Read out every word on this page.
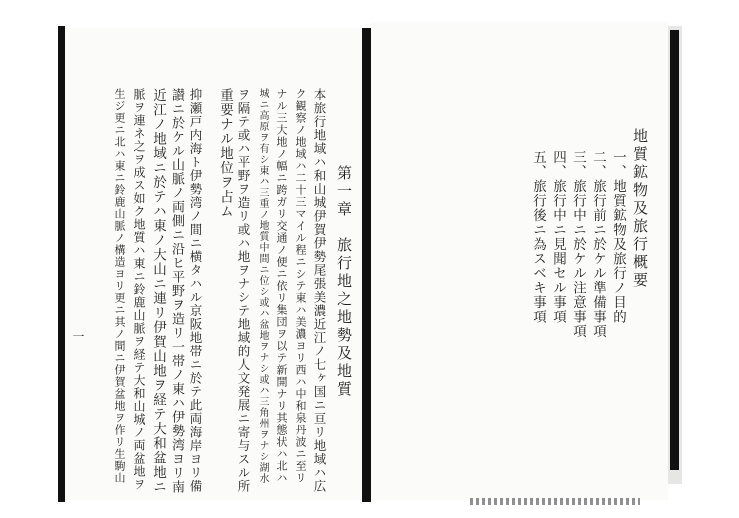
地質鉱物及旅行概要
一、地質鉱物及旅行ノ目的
二、旅行前ニ於ケル準備事項
三、旅行中ニ於ケル注意事項
四、旅行中ニ見聞セル事項
五、旅行後ニ為スベキ事項
第一章　旅行地之地勢及地質
本旅行地域ハ和山城伊賀伊勢尾張美濃近江ノ七ヶ国ニ亘リ地域ハ広
ク観察ノ地域ハ二十三マイル程ニシテ東ハ美濃ヨリ西ハ中和泉丹波ニ至リ
ナル三大地ノ幅ニ跨ガリ交通ノ便ニ依リ集団ヲ以テ新開ナリ其態状ハ北ハ
城ニ高原ヲ有シ東ハ三重ノ地質中間ニ位シ或ハ盆地ヲナシ或ハ三角州ヲナシ湖水
ヲ隔テ或ハ平野ヲ造リ或ハ地ヲナシテ地域的人文発展ニ寄与スル所
重要ナル地位ヲ占ム
抑瀬戸内海ト伊勢湾ノ間ニ横タハル京阪地帯ニ於テ此両海岸ヨリ備
讃ニ於ケル山脈ノ両側ニ沿ヒ平野ヲ造リ一帯ノ東ハ伊勢湾ヨリ南
近江ノ地域ニ於テハ東ノ大山ニ連リ伊賀山地ヲ経テ大和盆地ニ
脈ヲ連ネ之ヲ成ス如ク地質ハ東ニ鈴鹿山脈ヲ経テ大和山城ノ両盆地ヲ
生ジ更ニ北ハ東ニ鈴鹿山脈ノ構造ヨリ更ニ其ノ間ニ伊賀盆地ヲ作リ生駒山
一
